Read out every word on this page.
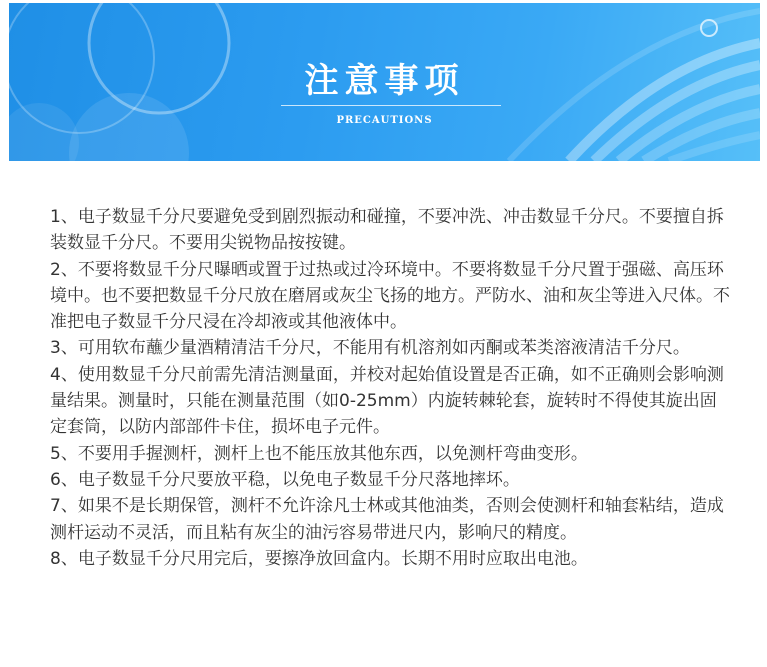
注意事项
PRECAUTIONS

1、电子数显千分尺要避免受到剧烈振动和碰撞，不要冲洗、冲击数显千分尺。不要擅自拆装数显千分尺。不要用尖锐物品按按键。

2、不要将数显千分尺曝晒或置于过热或过冷环境中。不要将数显千分尺置于强磁、高压环境中。也不要把数显千分尺放在磨屑或灰尘飞扬的地方。严防水、油和灰尘等进入尺体。不准把电子数显千分尺浸在冷却液或其他液体中。

3、可用软布蘸少量酒精清洁千分尺，不能用有机溶剂如丙酮或苯类溶液清洁千分尺。

4、使用数显千分尺前需先清洁测量面，并校对起始值设置是否正确，如不正确则会影响测量结果。测量时，只能在测量范围（如0-25mm）内旋转棘轮套，旋转时不得使其旋出固定套筒，以防内部部件卡住，损坏电子元件。

5、不要用手握测杆，测杆上也不能压放其他东西，以免测杆弯曲变形。

6、电子数显千分尺要放平稳，以免电子数显千分尺落地摔坏。

7、如果不是长期保管，测杆不允许涂凡士林或其他油类，否则会使测杆和轴套粘结，造成测杆运动不灵活，而且粘有灰尘的油污容易带进尺内，影响尺的精度。

8、电子数显千分尺用完后，要擦净放回盒内。长期不用时应取出电池。
